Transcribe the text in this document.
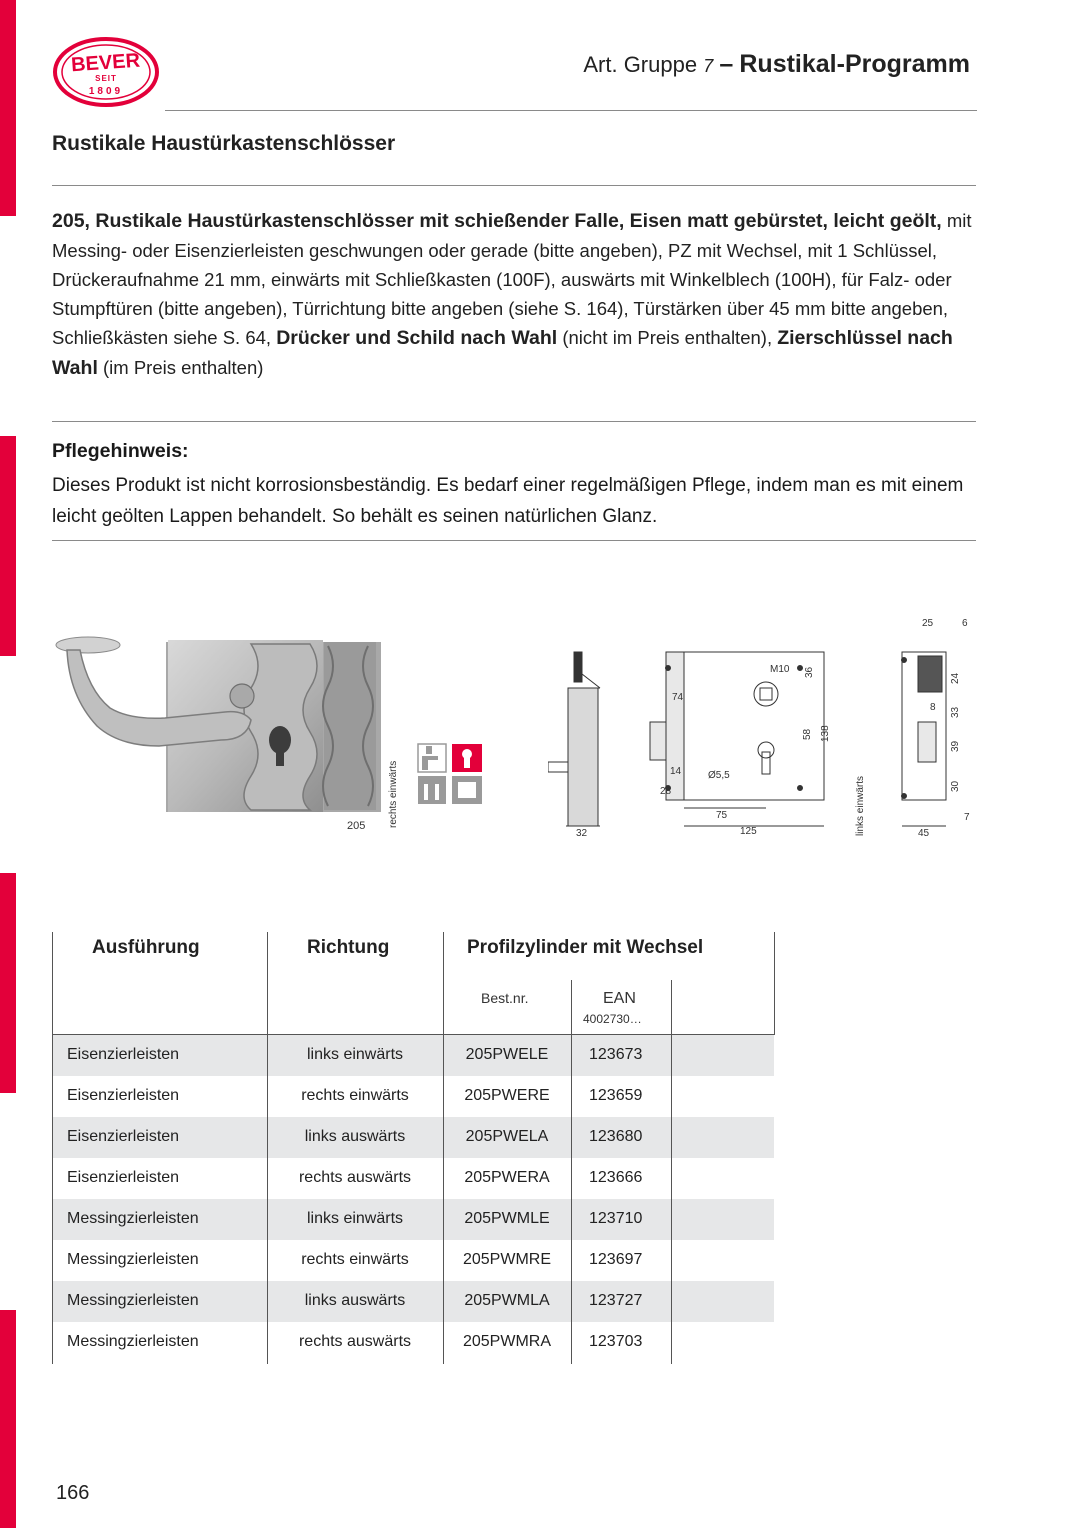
BEVER
SEIT
1809
Art. Gruppe 7 – Rustikal-Programm
Rustikale Haustürkastenschlösser
205, Rustikale Haustürkastenschlösser mit schießender Falle, Eisen matt gebürstet, leicht geölt, mit Messing- oder Eisenzierleisten geschwungen oder gerade (bitte angeben), PZ mit Wechsel, mit 1 Schlüssel, Drückeraufnahme 21 mm, einwärts mit Schließkasten (100F), auswärts mit Winkelblech (100H), für Falz- oder Stumpftüren (bitte angeben), Türrichtung bitte angeben (siehe S. 164), Türstärken über 45 mm bitte angeben, Schließkästen siehe S. 64, Drücker und Schild nach Wahl (nicht im Preis enthalten), Zierschlüssel nach Wahl (im Preis enthalten)
Pflegehinweis:
Dieses Produkt ist nicht korrosionsbeständig. Es bedarf einer regelmäßigen Pflege, indem man es mit einem leicht geölten Lappen behandelt. So behält es seinen natürlichen Glanz.
205 rechts einwärts
32
M10 36
74
58 138
14
28
Ø5,5
75
125
25	6
24
8 33
39
30
7
45
links einwärts
Ausführung	Richtung	Profilzylinder mit Wechsel
Best.nr.	EAN
4002730…
Eisenzierleisten	links einwärts	205PWELE	123673
Eisenzierleisten	rechts einwärts	205PWERE	123659
Eisenzierleisten	links auswärts	205PWELA	123680
Eisenzierleisten	rechts auswärts	205PWERA	123666
Messingzierleisten	links einwärts	205PWMLE	123710
Messingzierleisten	rechts einwärts	205PWMRE	123697
Messingzierleisten	links auswärts	205PWMLA	123727
Messingzierleisten	rechts auswärts	205PWMRA	123703
166
